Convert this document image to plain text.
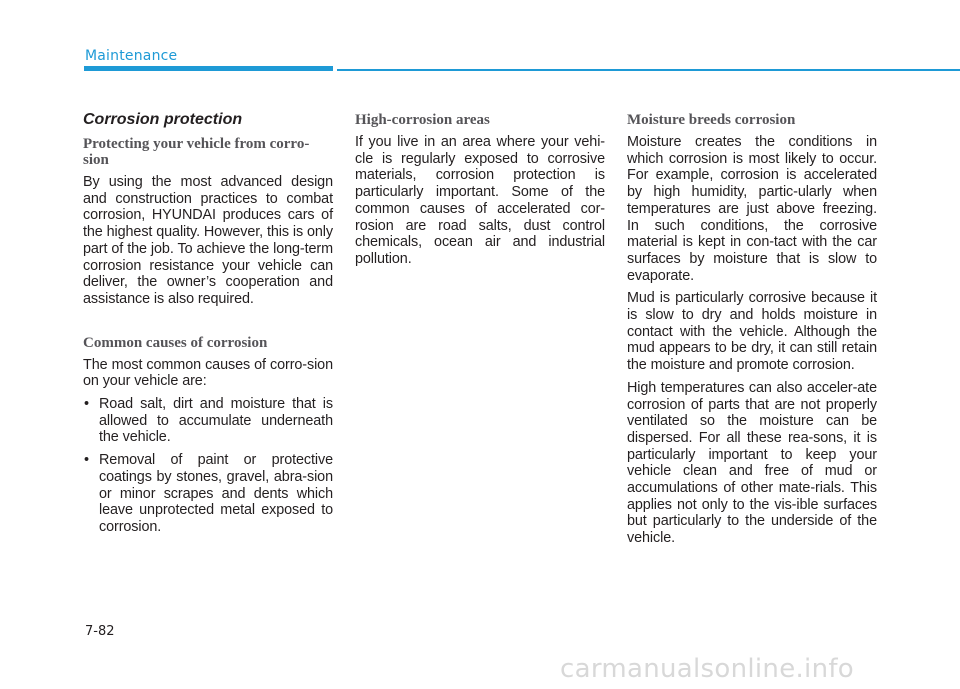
Maintenance
Corrosion protection
Protecting your vehicle from corro-
sion

By using the most advanced design and construction practices to combat corrosion, HYUNDAI produces cars of the highest quality. However, this is only part of the job. To achieve the long-term corrosion resistance your vehicle can deliver, the owner’s cooperation and assistance is also required.

Common causes of corrosion

The most common causes of corro-sion on your vehicle are:

• Road salt, dirt and moisture that is allowed to accumulate underneath the vehicle.
• Removal of paint or protective coatings by stones, gravel, abra-sion or minor scrapes and dents which leave unprotected metal exposed to corrosion.
High-corrosion areas

If you live in an area where your vehi-cle is regularly exposed to corrosive materials, corrosion protection is particularly important. Some of the common causes of accelerated cor-rosion are road salts, dust control chemicals, ocean air and industrial pollution.

Moisture breeds corrosion

Moisture creates the conditions in which corrosion is most likely to occur. For example, corrosion is accelerated by high humidity, partic-ularly when temperatures are just above freezing. In such conditions, the corrosive material is kept in con-tact with the car surfaces by moisture that is slow to evaporate.

Mud is particularly corrosive because it is slow to dry and holds moisture in contact with the vehicle. Although the mud appears to be dry, it can still retain the moisture and promote corrosion.

High temperatures can also acceler-ate corrosion of parts that are not properly ventilated so the moisture can be dispersed. For all these rea-sons, it is particularly important to keep your vehicle clean and free of mud or accumulations of other mate-rials. This applies not only to the vis-ible surfaces but particularly to the underside of the vehicle.

7-82
carmanualsonline.info
